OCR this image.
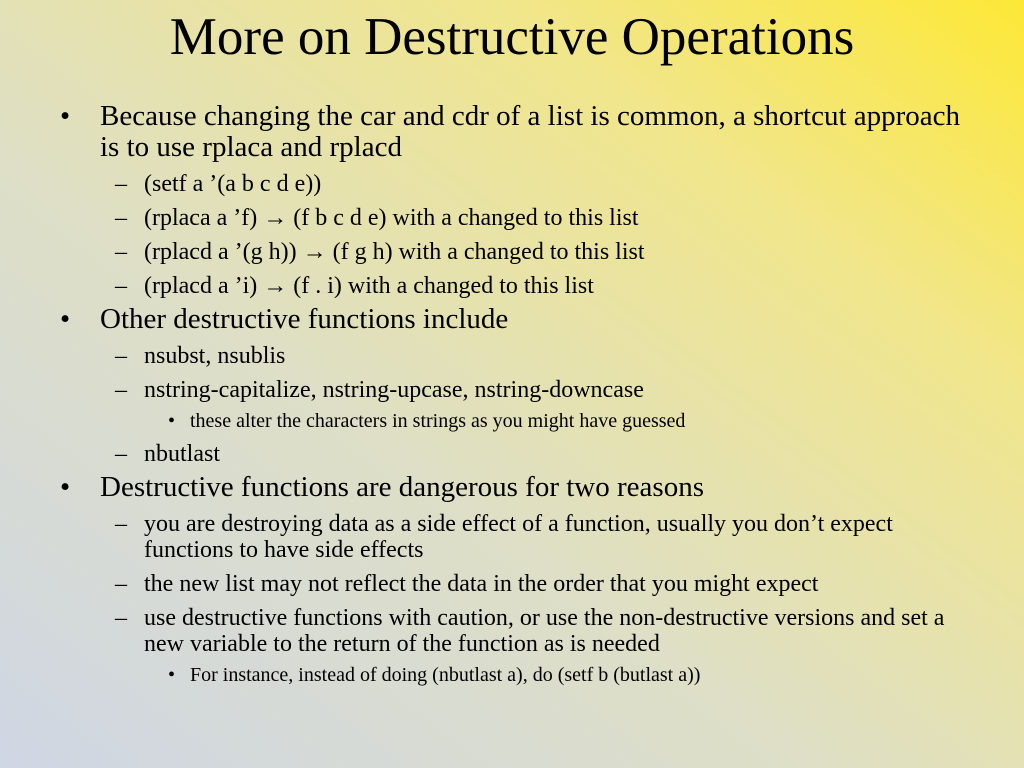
More on Destructive Operations
• Because changing the car and cdr of a list is common, a shortcut approach is to use rplaca and rplacd
– (setf a ’(a b c d e))
– (rplaca a ’f) → (f b c d e) with a changed to this list
– (rplacd a ’(g h)) → (f g h) with a changed to this list
– (rplacd a ’i) → (f . i) with a changed to this list
• Other destructive functions include
– nsubst, nsublis
– nstring-capitalize, nstring-upcase, nstring-downcase
• these alter the characters in strings as you might have guessed
– nbutlast
• Destructive functions are dangerous for two reasons
– you are destroying data as a side effect of a function, usually you don’t expect functions to have side effects
– the new list may not reflect the data in the order that you might expect
– use destructive functions with caution, or use the non-destructive versions and set a new variable to the return of the function as is needed
• For instance, instead of doing (nbutlast a), do (setf b (butlast a))
